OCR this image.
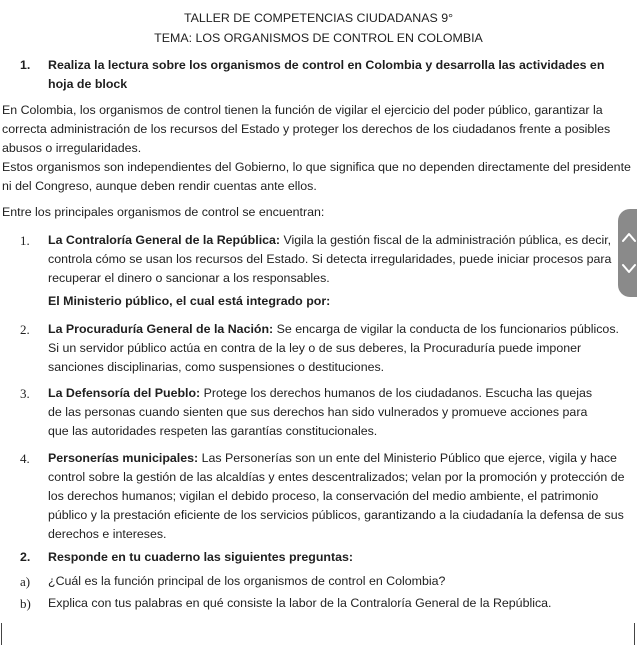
TALLER DE COMPETENCIAS CIUDADANAS 9°
TEMA: LOS ORGANISMOS DE CONTROL EN COLOMBIA
1. Realiza la lectura sobre los organismos de control en Colombia y desarrolla las actividades en hoja de block
En Colombia, los organismos de control tienen la función de vigilar el ejercicio del poder público, garantizar la correcta administración de los recursos del Estado y proteger los derechos de los ciudadanos frente a posibles abusos o irregularidades.
Estos organismos son independientes del Gobierno, lo que significa que no dependen directamente del presidente ni del Congreso, aunque deben rendir cuentas ante ellos.
Entre los principales organismos de control se encuentran:
1. La Contraloría General de la República: Vigila la gestión fiscal de la administración pública, es decir, controla cómo se usan los recursos del Estado. Si detecta irregularidades, puede iniciar procesos para recuperar el dinero o sancionar a los responsables.
El Ministerio público, el cual está integrado por:
2. La Procuraduría General de la Nación: Se encarga de vigilar la conducta de los funcionarios públicos. Si un servidor público actúa en contra de la ley o de sus deberes, la Procuraduría puede imponer sanciones disciplinarias, como suspensiones o destituciones.
3. La Defensoría del Pueblo: Protege los derechos humanos de los ciudadanos. Escucha las quejas de las personas cuando sienten que sus derechos han sido vulnerados y promueve acciones para que las autoridades respeten las garantías constitucionales.
4. Personerías municipales: Las Personerías son un ente del Ministerio Público que ejerce, vigila y hace control sobre la gestión de las alcaldías y entes descentralizados; velan por la promoción y protección de los derechos humanos; vigilan el debido proceso, la conservación del medio ambiente, el patrimonio público y la prestación eficiente de los servicios públicos, garantizando a la ciudadanía la defensa de sus derechos e intereses.
2. Responde en tu cuaderno las siguientes preguntas:
a) ¿Cuál es la función principal de los organismos de control en Colombia?
b) Explica con tus palabras en qué consiste la labor de la Contraloría General de la República.
